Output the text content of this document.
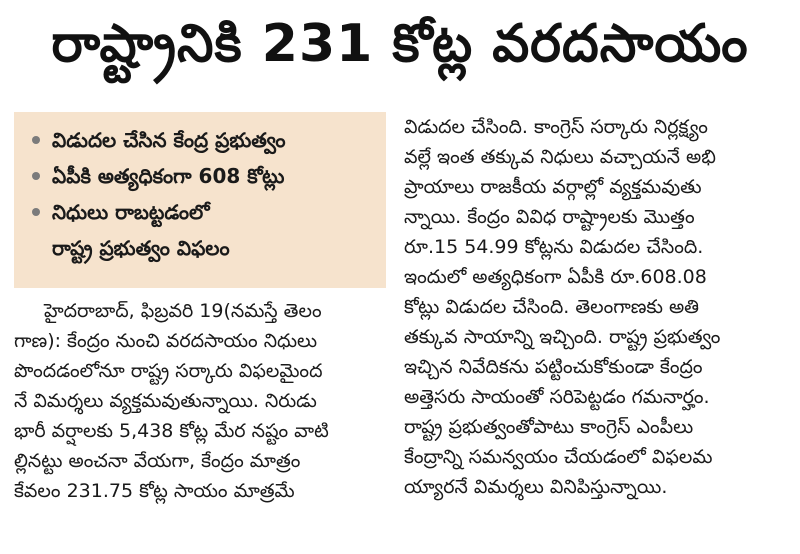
రాష్ట్రానికి 231 కోట్ల వరదసాయం
విడుదల చేసిన కేంద్ర ప్రభుత్వం
ఏపీకి అత్యధికంగా 608 కోట్లు
నిధులు రాబట్టడంలో
రాష్ట్ర ప్రభుత్వం విఫలం
హైదరాబాద్, ఫిబ్రవరి 19(నమస్తే తెలం
గాణ): కేంద్రం నుంచి వరదసాయం నిధులు
పొందడంలోనూ రాష్ట్ర సర్కారు విఫలమైంద
నే విమర్శలు వ్యక్తమవుతున్నాయి. నిరుడు
భారీ వర్షాలకు 5,438 కోట్ల మేర నష్టం వాటి
ల్లినట్టు అంచనా వేయగా, కేంద్రం మాత్రం
కేవలం 231.75 కోట్ల సాయం మాత్రమే
విడుదల చేసింది. కాంగ్రెస్ సర్కారు నిర్లక్ష్యం
వల్లే ఇంత తక్కువ నిధులు వచ్చాయనే అభి
ప్రాయాలు రాజకీయ వర్గాల్లో వ్యక్తమవుతు
న్నాయి. కేంద్రం వివిధ రాష్ట్రాలకు మొత్తం
రూ.15 54.99 కోట్లను విడుదల చేసింది.
ఇందులో అత్యధికంగా ఏపీకి రూ.608.08
కోట్లు విడుదల చేసింది. తెలంగాణకు అతి
తక్కువ సాయాన్ని ఇచ్చింది. రాష్ట్ర ప్రభుత్వం
ఇచ్చిన నివేదికను పట్టించుకోకుండా కేంద్రం
అత్తెసరు సాయంతో సరిపెట్టడం గమనార్హం.
రాష్ట్ర ప్రభుత్వంతోపాటు కాంగ్రెస్ ఎంపీలు
కేంద్రాన్ని సమన్వయం చేయడంలో విఫలమ
య్యారనే విమర్శలు వినిపిస్తున్నాయి.
